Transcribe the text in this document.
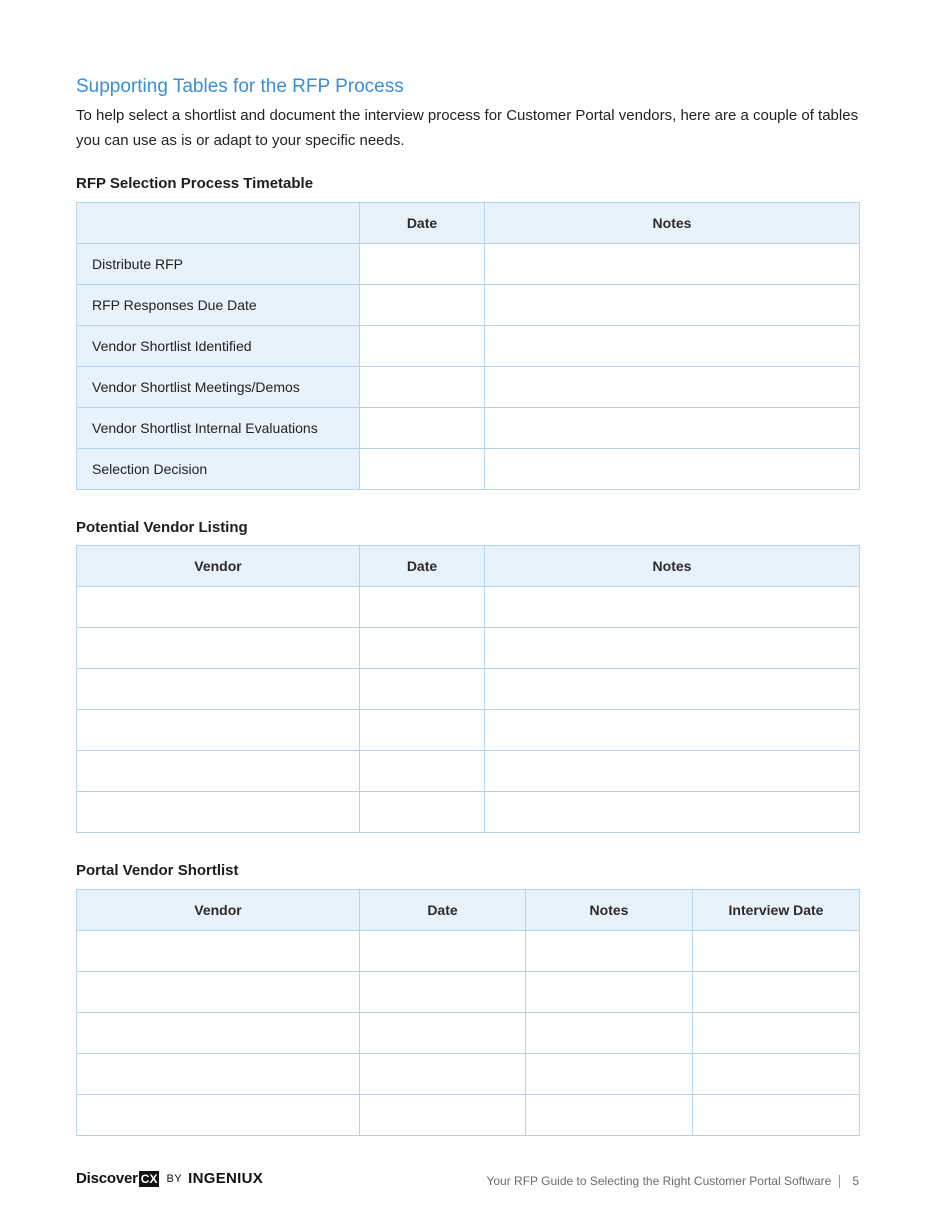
Supporting Tables for the RFP Process

To help select a shortlist and document the interview process for Customer Portal vendors, here are a couple of tables you can use as is or adapt to your specific needs.

RFP Selection Process Timetable
	Date	Notes
Distribute RFP		
RFP Responses Due Date		
Vendor Shortlist Identified		
Vendor Shortlist Meetings/Demos		
Vendor Shortlist Internal Evaluations		
Selection Decision		
Potential Vendor Listing
Vendor	Date	Notes

Portal Vendor Shortlist
Vendor	Date	Notes	Interview Date

Discover CX BY INGENIUX	Your RFP Guide to Selecting the Right Customer Portal Software 5
